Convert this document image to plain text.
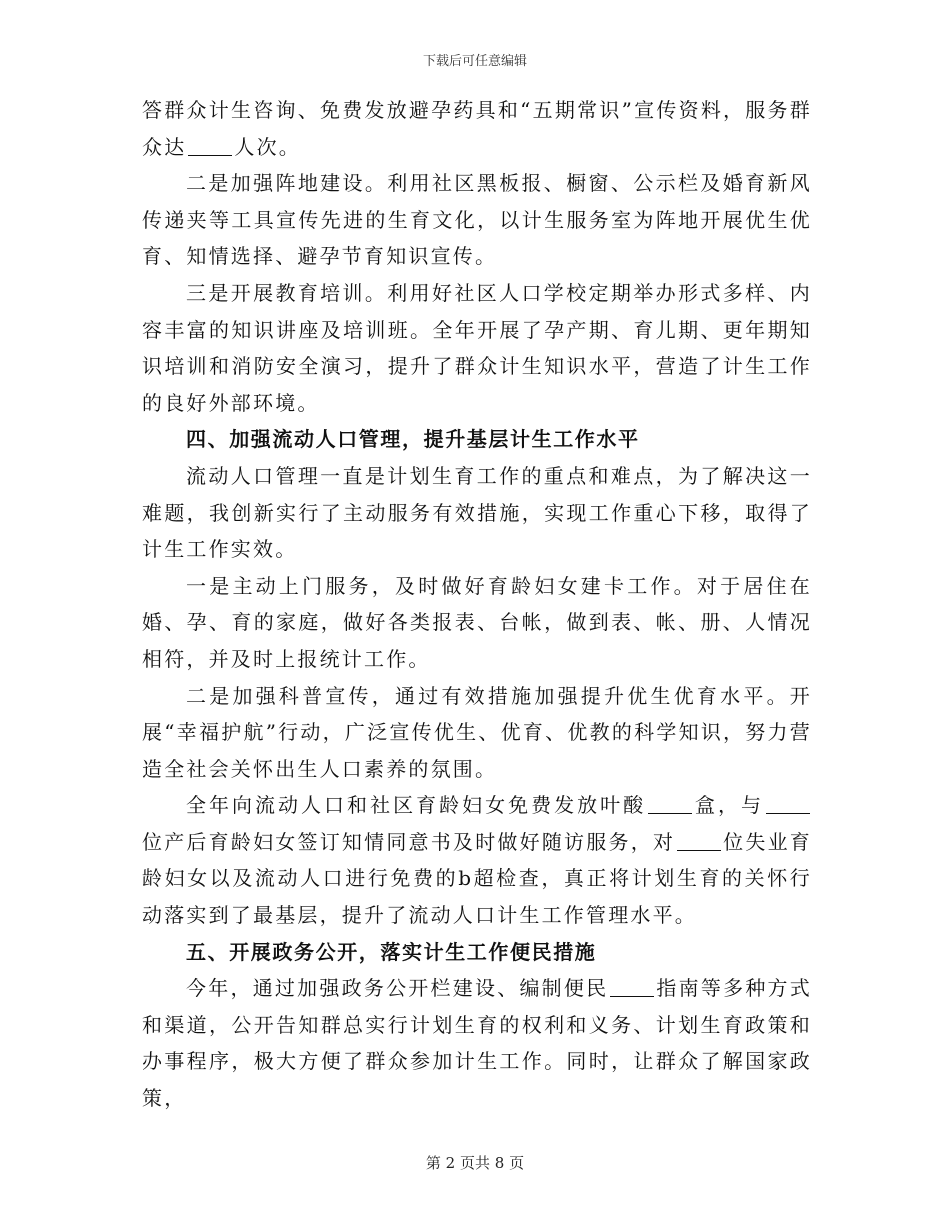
下载后可任意编辑

答群众计生咨询、免费发放避孕药具和“五期常识”宣传资料，服务群众达 人次。

二是加强阵地建设。利用社区黑板报、橱窗、公示栏及婚育新风传递夹等工具宣传先进的生育文化，以计生服务室为阵地开展优生优育、知情选择、避孕节育知识宣传。

三是开展教育培训。利用好社区人口学校定期举办形式多样、内容丰富的知识讲座及培训班。全年开展了孕产期、育儿期、更年期知识培训和消防安全演习，提升了群众计生知识水平，营造了计生工作的良好外部环境。

四、加强流动人口管理，提升基层计生工作水平

流动人口管理一直是计划生育工作的重点和难点，为了解决这一难题，我创新实行了主动服务有效措施，实现工作重心下移，取得了计生工作实效。

一是主动上门服务，及时做好育龄妇女建卡工作。对于居住在婚、孕、育的家庭，做好各类报表、台帐，做到表、帐、册、人情况相符，并及时上报统计工作。

二是加强科普宣传，通过有效措施加强提升优生优育水平。开展“幸福护航”行动，广泛宣传优生、优育、优教的科学知识，努力营造全社会关怀出生人口素养的氛围。

全年向流动人口和社区育龄妇女免费发放叶酸 盒，与位产后育龄妇女签订知情同意书及时做好随访服务，对 位失业育龄妇女以及流动人口进行免费的b超检查，真正将计划生育的关怀行动落实到了最基层，提升了流动人口计生工作管理水平。

五、开展政务公开，落实计生工作便民措施

今年，通过加强政务公开栏建设、编制便民 指南等多种方式和渠道，公开告知群总实行计划生育的权利和义务、计划生育政策和办事程序，极大方便了群众参加计生工作。同时，让群众了解国家政策，

第 2 页共 8 页
